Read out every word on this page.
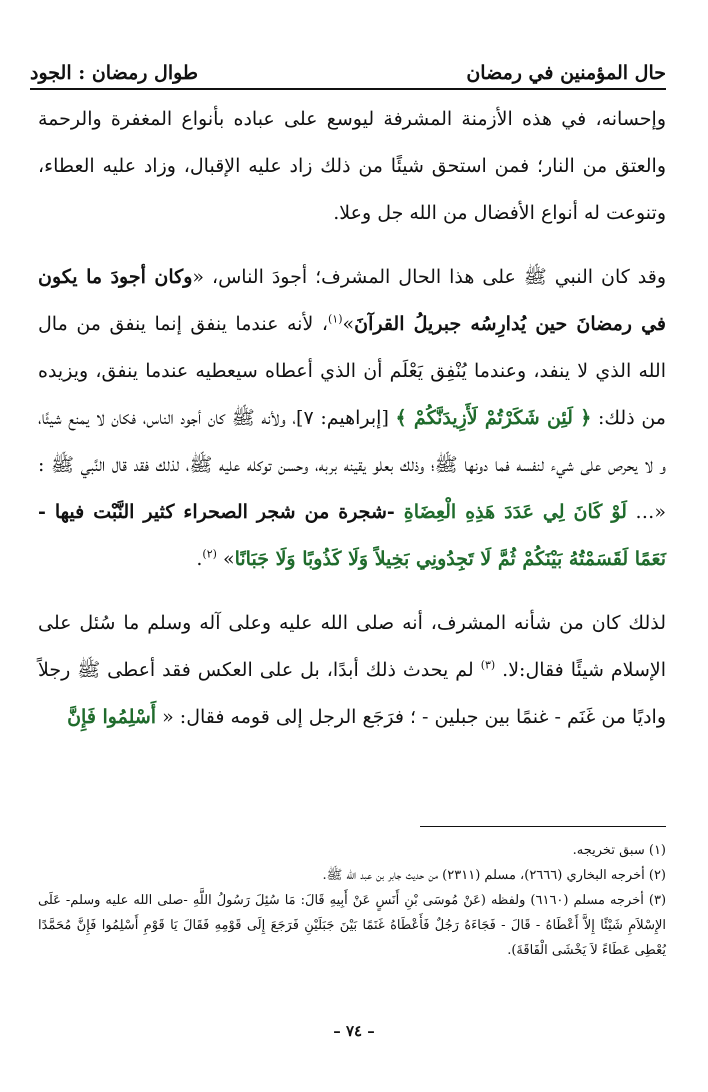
حال المؤمنين في رمضان
طوال رمضان : الجود

وإحسانه، في هذه الأزمنة المشرفة ليوسع على عباده بأنواع المغفرة والرحمة والعتق من النار؛ فمن استحق شيئًا من ذلك زاد عليه الإقبال، وزاد عليه العطاء، وتنوعت له أنواع الأفضال من الله جل وعلا.

وقد كان النبي ﷺ على هذا الحال المشرف؛ أجودَ الناس، «وكان أجودَ ما يكون في رمضانَ حين يُدارِسُه جبريلُ القرآنَ»$^{(١)}$، لأنه عندما ينفق إنما ينفق من مال الله الذي لا ينفد، وعندما يُنْفِق يَعْلَم أن الذي أعطاه سيعطيه عندما ينفق، ويزيده من ذلك: ﴿ لَئِن شَكَرْتُمْ لَأَزِيدَنَّكُمْ ﴾ [إبراهيم: ٧]، ولأنه ﷺ كان أجود الناس، فكان لا يمنع شيئًا، و لا يحرص على شيء لنفسه فما دونها ﷺ؛ وذلك بعلو يقينه بربه، وحسن توكله عليه ﷺ، لذلك فقد قال النَّبي ﷺ : «… لَوْ كَانَ لِي عَدَدَ هَذِهِ الْعِضَاةِ -شجرة من شجر الصحراء كثير النَّبْت فيها - نَعَمًا لَقَسَمْتُهُ بَيْنَكُمْ ثُمَّ لَا تَجِدُونِي بَخِيلاً وَلَا كَذُوبًا وَلَا جَبَانًا» $^{(٢)}$.

لذلك كان من شأنه المشرف، أنه صلى الله عليه وعلى آله وسلم ما سُئل على الإسلام شيئًا فقال:لا. $^{(٣)}$ لم يحدث ذلك أبدًا، بل على العكس فقد أعطى ﷺ رجلاً واديًا من غَنَم - غنمًا بين جبلين - ؛ فرَجَع الرجل إلى قومه فقال: « أَسْلِمُوا فَإِنَّ

(١) سبق تخريجه.

(٢) أخرجه البخاري (٢٦٦٦)، مسلم (٢٣١١) من حديث جابر بن عبد الله ﷺ.

(٣) أخرجه مسلم (٦١٦٠) ولفظه (عَنْ مُوسَى بْنِ أَنَسٍ عَنْ أَبِيهِ قَالَ: مَا سُئِلَ رَسُولُ اللَّهِ -صلى الله عليه وسلم- عَلَى الإِسْلاَمِ شَيْئًا إِلاَّ أَعْطَاهُ - قَالَ - فَجَاءَهُ رَجُلٌ فَأَعْطَاهُ غَنَمًا بَيْنَ جَبَلَيْنِ فَرَجَعَ إِلَى قَوْمِهِ فَقَالَ يَا قَوْمِ أَسْلِمُوا فَإِنَّ مُحَمَّدًا يُعْطِى عَطَاءً لاَ يَخْشَى الْفَاقَةَ).

– ٧٤ –
